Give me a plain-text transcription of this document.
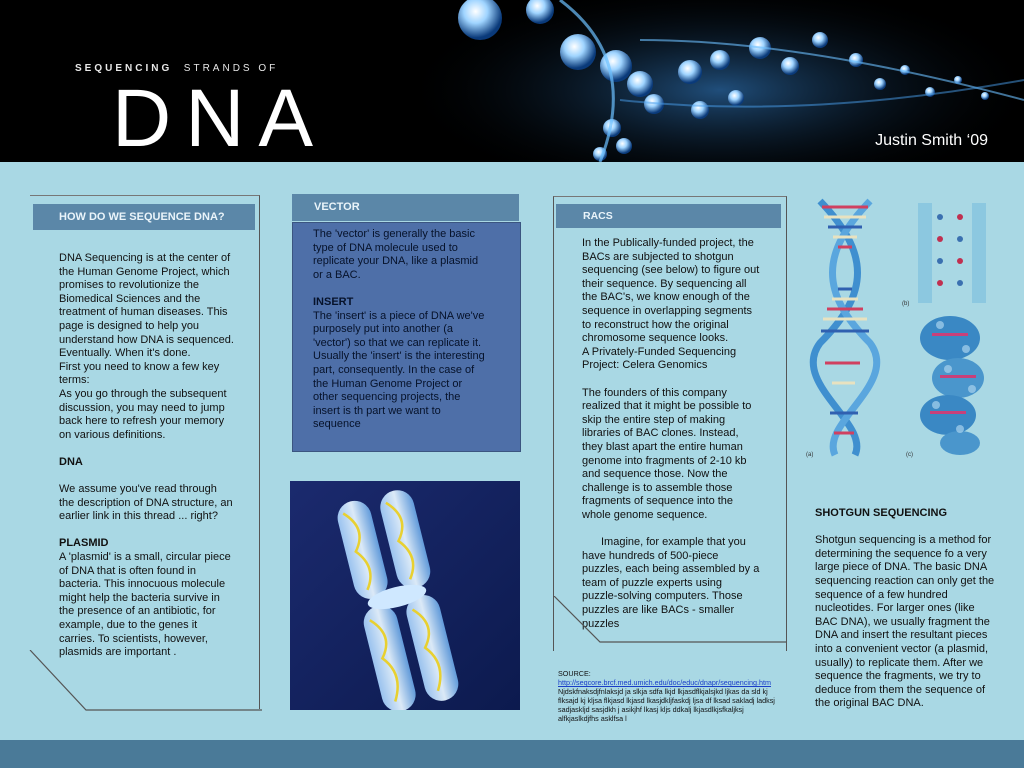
SEQUENCING STRANDS OF
DNA	Justin Smith ‘09
HOW DO WE SEQUENCE DNA?

DNA Sequencing is at the center of the Human Genome Project, which promises to revolutionize the Biomedical Sciences and the treatment of human diseases. This page is designed to help you

understand how DNA is sequenced. Eventually. When it's done.

First you need to know a few key terms:

As you go through the subsequent discussion, you may need to jump back here to refresh your memory on various definitions.

DNA

We assume you've read through the description of DNA structure, an earlier link in this thread ... right?

PLASMID

A 'plasmid' is a small, circular piece of DNA that is often found in bacteria. This innocuous molecule might help the bacteria survive in the presence of an antibiotic, for example, due to the genes it carries. To scientists, however, plasmids are important .

VECTOR

The 'vector' is generally the basic type of DNA molecule used to replicate your DNA, like a plasmid or a BAC.

INSERT

The 'insert' is a piece of DNA we've purposely put into another (a 'vector') so that we can replicate it. Usually the 'insert' is the interesting part, consequently. In the case of the Human Genome Project or other sequencing projects, the insert is th part we want to sequence

RACS

In the Publically-funded project, the BACs are subjected to shotgun sequencing (see below) to figure out their sequence. By sequencing all the BAC's, we know enough of the sequence in overlapping segments to reconstruct how the original chromosome sequence looks.

A Privately-Funded Sequencing Project: Celera Genomics

The founders of this company realized that it might be possible to skip the entire step of making libraries of BAC clones. Instead, they blast apart the entire human genome into fragments of 2-10 kb and sequence those. Now the challenge is to assemble those fragments of sequence into the whole genome sequence.

Imagine, for example that you have hundreds of 500-piece puzzles, each being assembled by a team of puzzle experts using puzzle-solving computers. Those puzzles are like BACs - smaller puzzles

SOURCE:
http://seqcore.brcf.med.umich.edu/doc/educ/dnapr/sequencing.htm
Njdskfnaksdjfnlaksjd ja slkja sdfa lkjd lkjasdflkjalsjkd ljkas da sld kj flksajd kj kljsa flkjasd lkjasd lkasjdkljfaskdj ljsa df lksad sakladj ladksj sadjaskljd sasjdkh j asikjhf lkasj kljs ddkalj lkjasdlkjsfkaljksj alfkjaslkdjfhs asklfsa l
(a)
(b)
(c)

SHOTGUN SEQUENCING

Shotgun sequencing is a method for determining the sequence fo a very large piece of DNA. The basic DNA sequencing reaction can only get the sequence of a few hundred nucleotides. For larger ones (like BAC DNA), we usually fragment the DNA and insert the resultant pieces into a convenient vector (a plasmid, usually) to replicate them. After we sequence the fragments, we try to deduce from them the sequence of the original BAC DNA.
